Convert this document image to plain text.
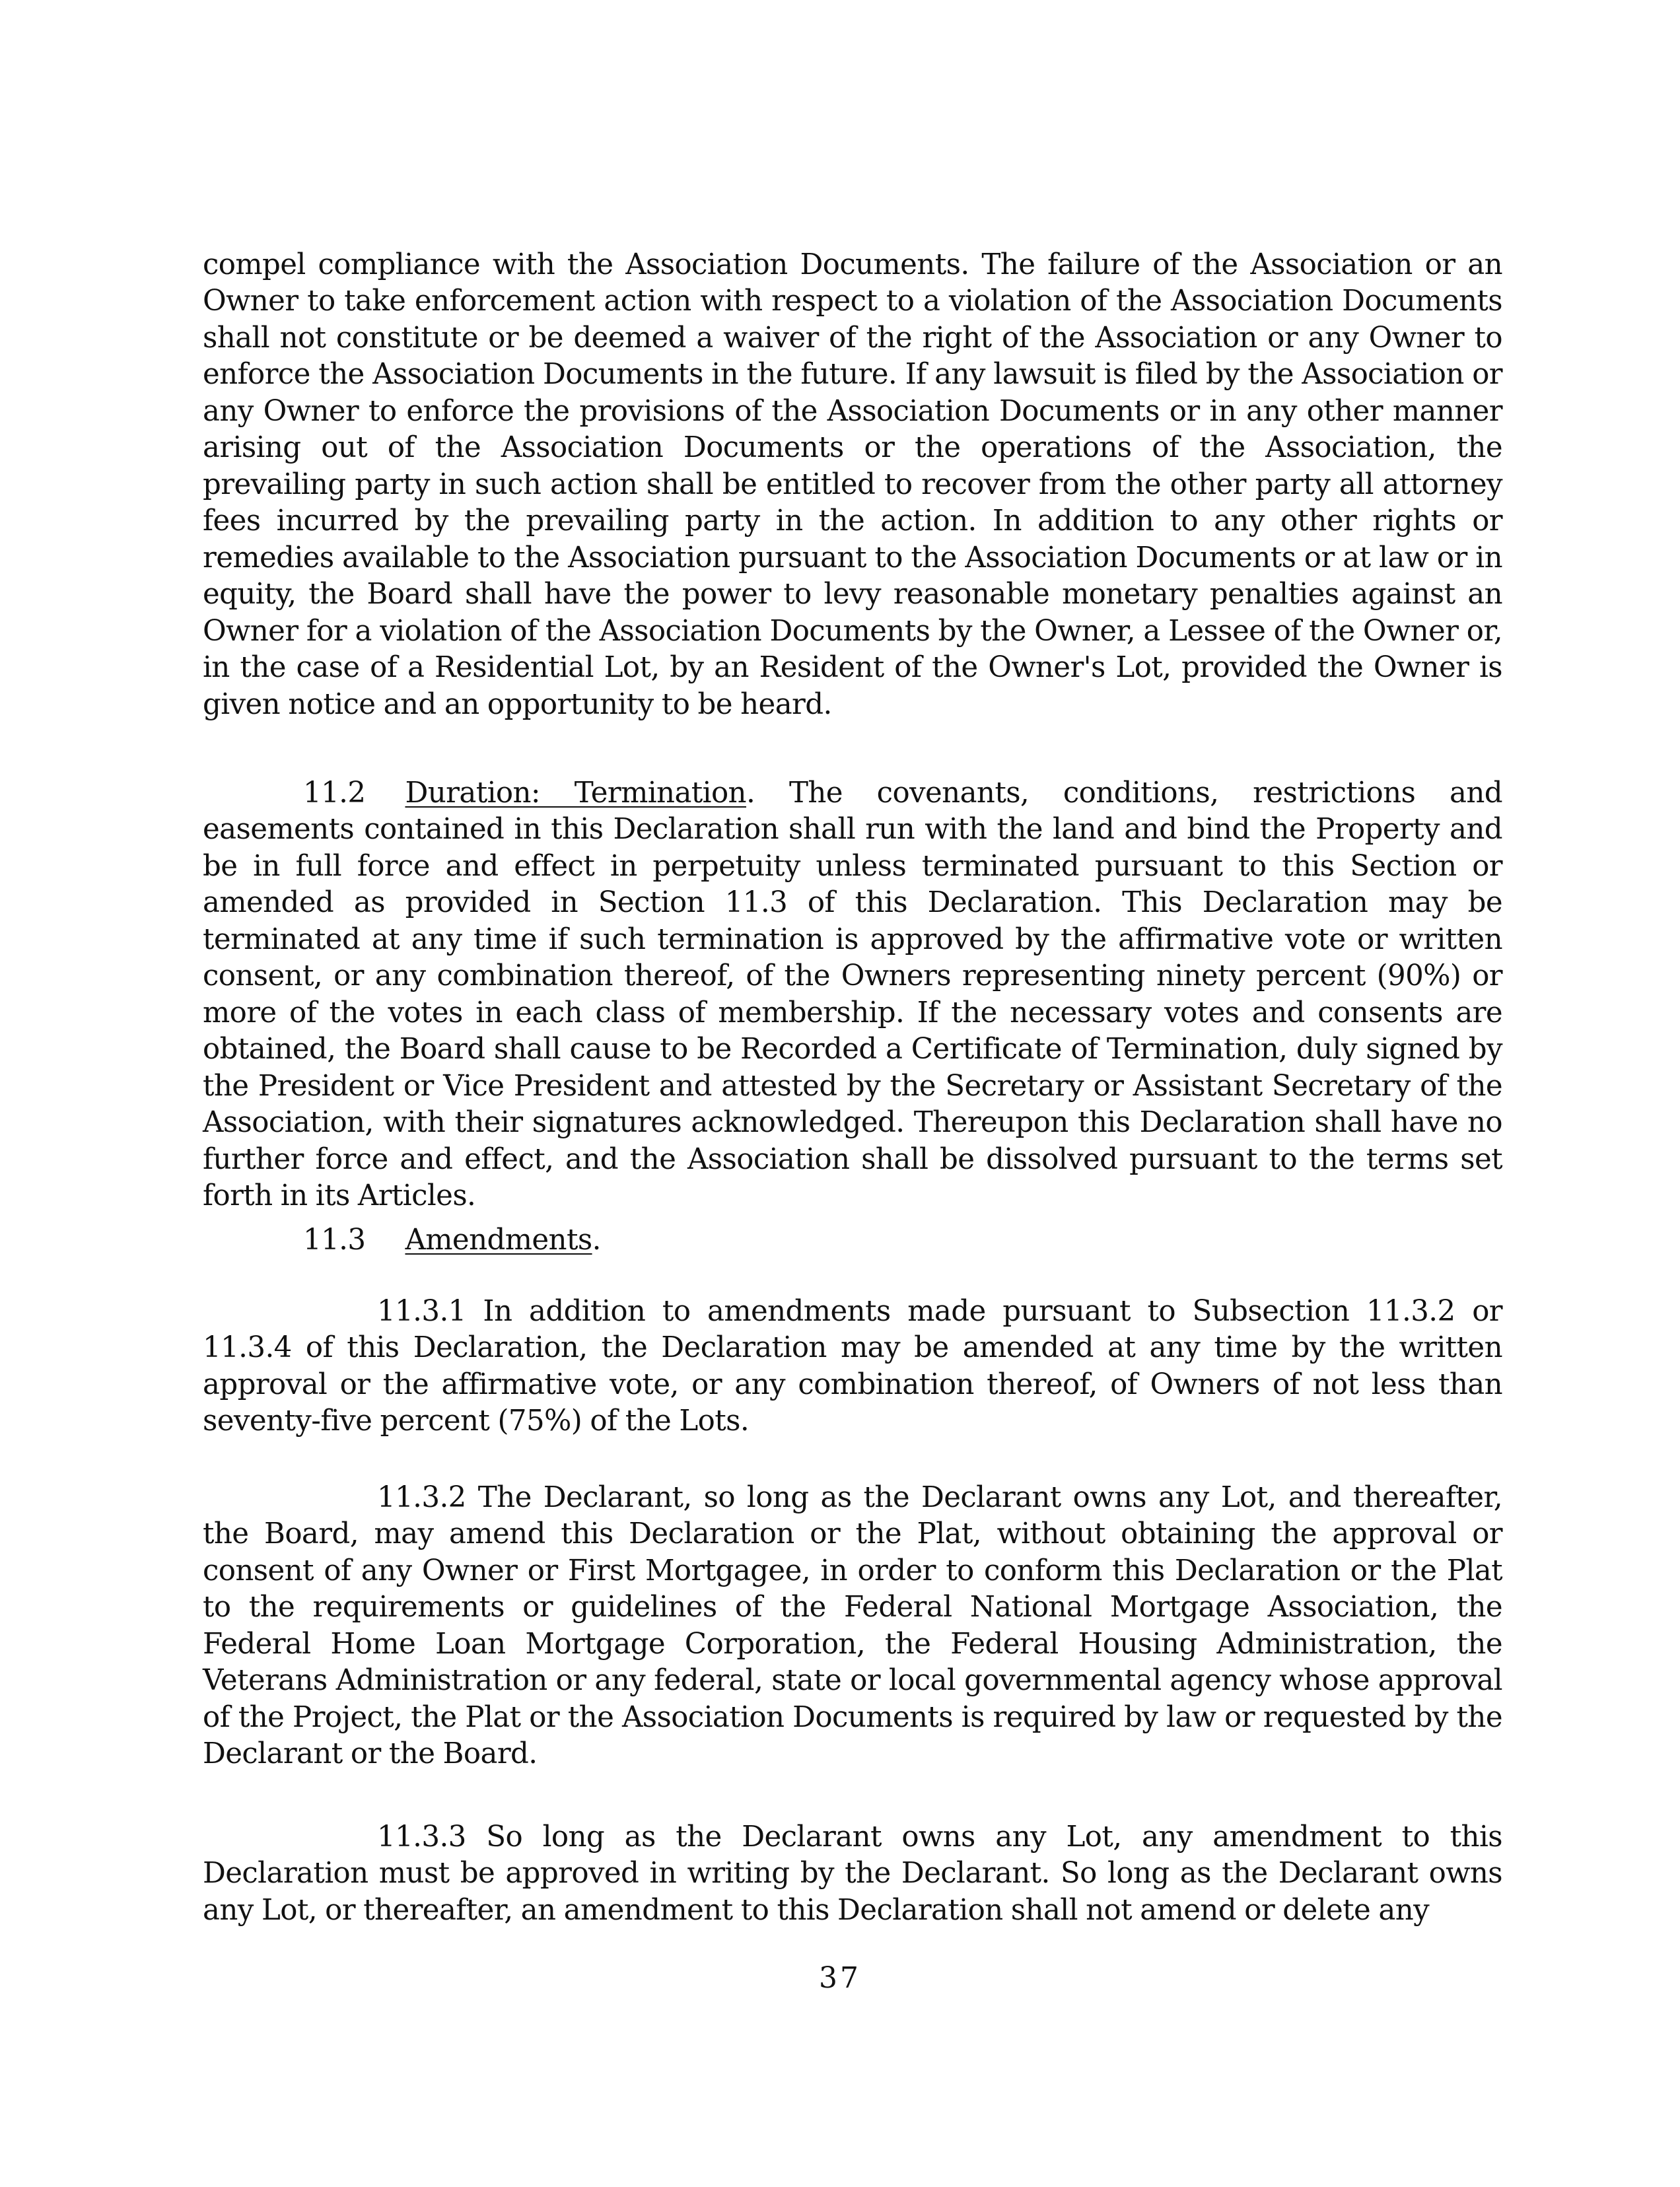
compel compliance with the Association Documents. The failure of the Association or an Owner to take enforcement action with respect to a violation of the Association Documents shall not constitute or be deemed a waiver of the right of the Association or any Owner to enforce the Association Documents in the future. If any lawsuit is filed by the Association or any Owner to enforce the provisions of the Association Documents or in any other manner arising out of the Association Documents or the operations of the Association, the prevailing party in such action shall be entitled to recover from the other party all attorney fees incurred by the prevailing party in the action. In addition to any other rights or remedies available to the Association pursuant to the Association Documents or at law or in equity, the Board shall have the power to levy reasonable monetary penalties against an Owner for a violation of the Association Documents by the Owner, a Lessee of the Owner or, in the case of a Residential Lot, by an Resident of the Owner's Lot, provided the Owner is given notice and an opportunity to be heard.

11.2 Duration: Termination. The covenants, conditions, restrictions and easements contained in this Declaration shall run with the land and bind the Property and be in full force and effect in perpetuity unless terminated pursuant to this Section or amended as provided in Section 11.3 of this Declaration. This Declaration may be terminated at any time if such termination is approved by the affirmative vote or written consent, or any combination thereof, of the Owners representing ninety percent (90%) or more of the votes in each class of membership. If the necessary votes and consents are obtained, the Board shall cause to be Recorded a Certificate of Termination, duly signed by the President or Vice President and attested by the Secretary or Assistant Secretary of the Association, with their signatures acknowledged. Thereupon this Declaration shall have no further force and effect, and the Association shall be dissolved pursuant to the terms set forth in its Articles.

11.3 Amendments.

11.3.1 In addition to amendments made pursuant to Subsection 11.3.2 or 11.3.4 of this Declaration, the Declaration may be amended at any time by the written approval or the affirmative vote, or any combination thereof, of Owners of not less than seventy-five percent (75%) of the Lots.

11.3.2 The Declarant, so long as the Declarant owns any Lot, and thereafter, the Board, may amend this Declaration or the Plat, without obtaining the approval or consent of any Owner or First Mortgagee, in order to conform this Declaration or the Plat to the requirements or guidelines of the Federal National Mortgage Association, the Federal Home Loan Mortgage Corporation, the Federal Housing Administration, the Veterans Administration or any federal, state or local governmental agency whose approval of the Project, the Plat or the Association Documents is required by law or requested by the Declarant or the Board.

11.3.3 So long as the Declarant owns any Lot, any amendment to this Declaration must be approved in writing by the Declarant. So long as the Declarant owns any Lot, or thereafter, an amendment to this Declaration shall not amend or delete any

37
